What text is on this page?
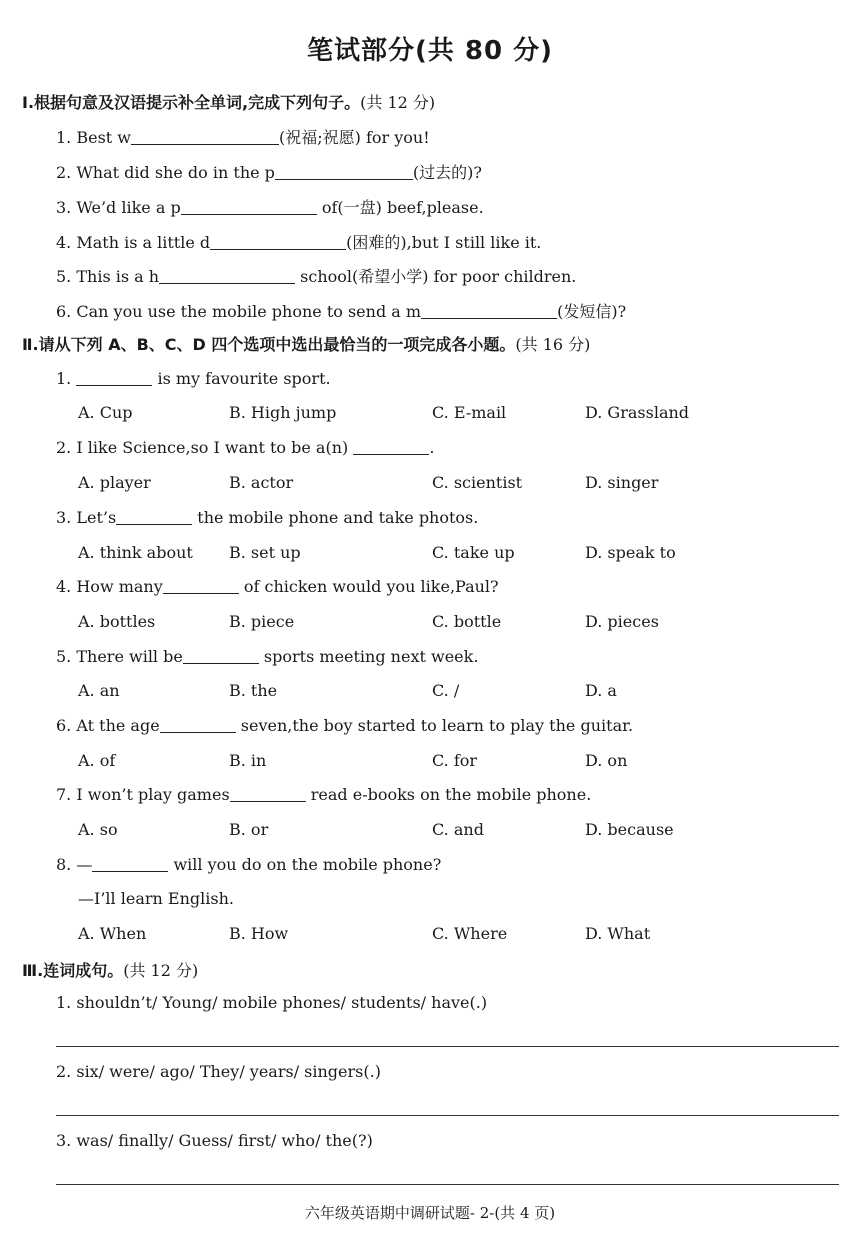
笔试部分(共 80 分)
Ⅰ.根据句意及汉语提示补全单词,完成下列句子。(共 12 分)
1. Best w	(祝福;祝愿) for you!
2. What did she do in the p	(过去的)?
3. We’d like a p	of(一盘) beef,please.
4. Math is a little d	(困难的),but I still like it.
5. This is a h	school(希望小学) for poor children.
6. Can you use the mobile phone to send a m	(发短信)?
Ⅱ.请从下列 A、B、C、D 四个选项中选出最恰当的一项完成各小题。(共 16 分)
1.	is my favourite sport.
A. Cup	B. High jump	C. E-mail	D. Grassland
2. I like Science,so I want to be a(n)	.
A. player	B. actor	C. scientist	D. singer
3. Let’s	the mobile phone and take photos.
A. think about B. set up	C. take up	D. speak to
4. How many	of chicken would you like,Paul?
A. bottles	B. piece	C. bottle	D. pieces
5. There will be	sports meeting next week.
A. an	B. the	C. /	D. a
6. At the age	seven,the boy started to learn to play the guitar.
A. of	B. in	C. for	D. on
7. I won’t play games	read e-books on the mobile phone.
A. so	B. or	C. and	D. because
8. —	will you do on the mobile phone?
—I’ll learn English.
A. When	B. How	C. Where	D. What
Ⅲ.连词成句。(共 12 分)
1. shouldn’t/ Young/ mobile phones/ students/ have(.)
2. six/ were/ ago/ They/ years/ singers(.)
3. was/ finally/ Guess/ first/ who/ the(?)
六年级英语期中调研试题- 2-(共 4 页)
